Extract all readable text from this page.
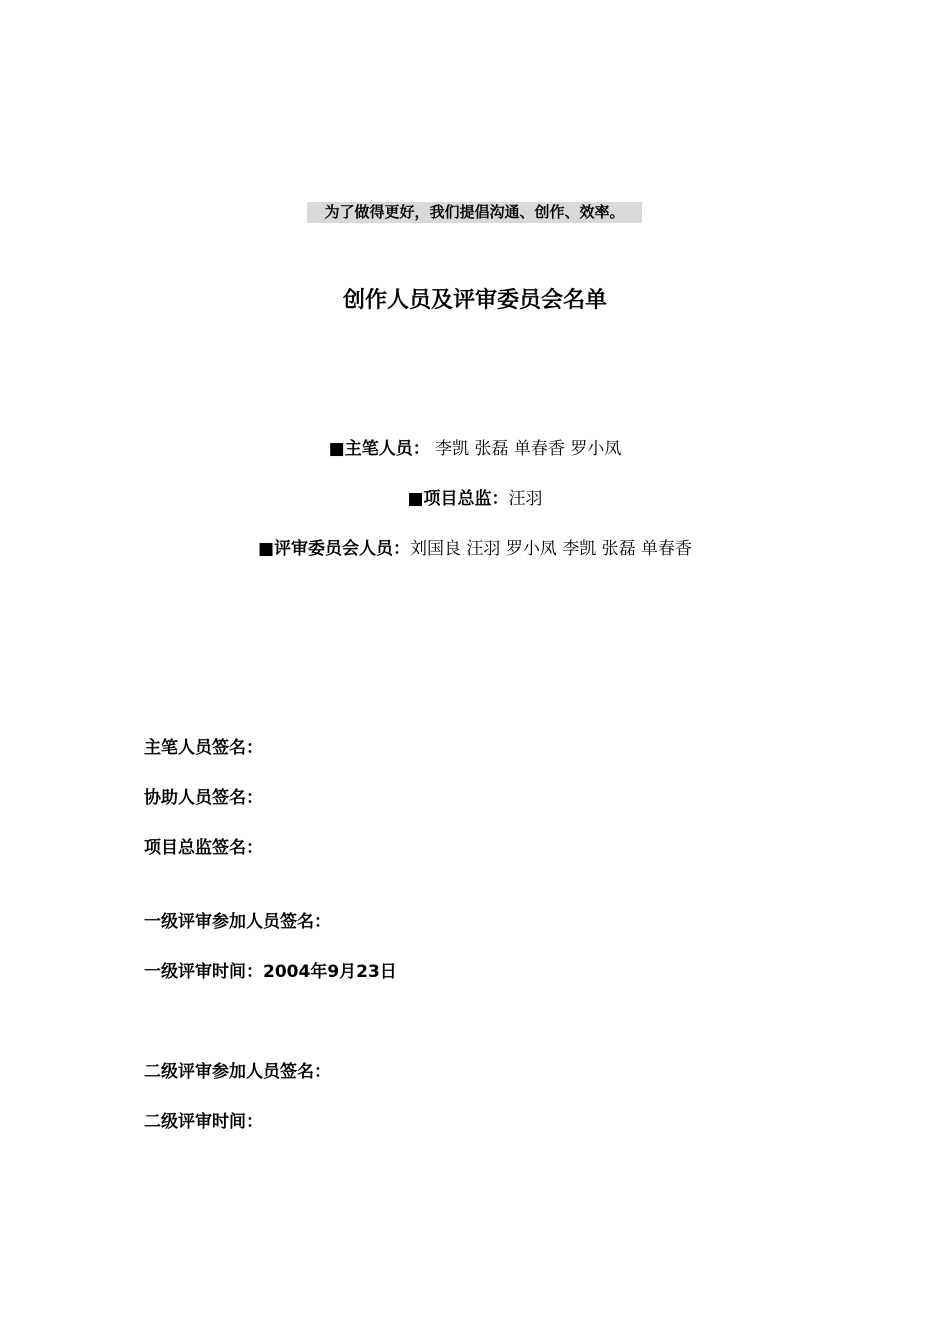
为了做得更好，我们提倡沟通、创作、效率。
创作人员及评审委员会名单
■主笔人员： 李凯 张磊 单春香 罗小凤
■项目总监：汪羽
■评审委员会人员：刘国良 汪羽 罗小凤 李凯 张磊 单春香
主笔人员签名：
协助人员签名：
项目总监签名：
一级评审参加人员签名：
一级评审时间：2004年9月23日
二级评审参加人员签名：
二级评审时间：
